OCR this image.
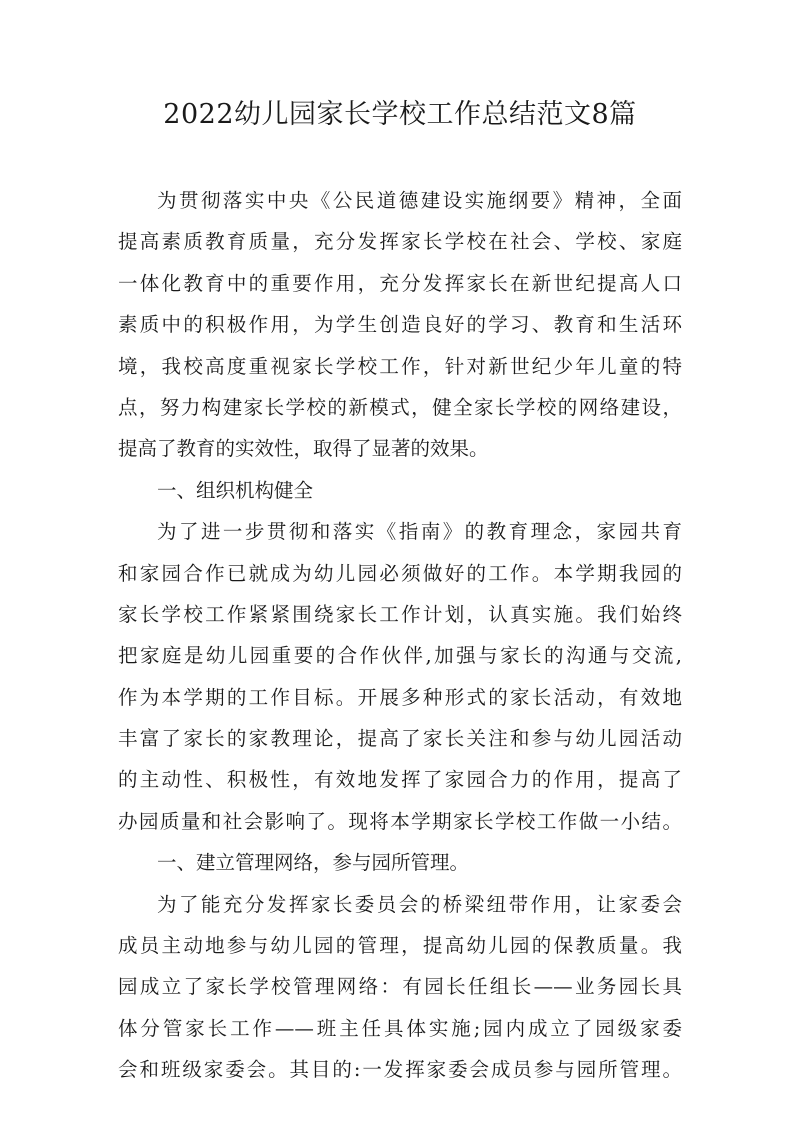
2022幼儿园家长学校工作总结范文8篇
为贯彻落实中央《公民道德建设实施纲要》精神，全面
提高素质教育质量，充分发挥家长学校在社会、学校、家庭
一体化教育中的重要作用，充分发挥家长在新世纪提高人口
素质中的积极作用，为学生创造良好的学习、教育和生活环
境，我校高度重视家长学校工作，针对新世纪少年儿童的特
点，努力构建家长学校的新模式，健全家长学校的网络建设，
提高了教育的实效性，取得了显著的效果。
一、组织机构健全
为了进一步贯彻和落实《指南》的教育理念，家园共育
和家园合作已就成为幼儿园必须做好的工作。本学期我园的
家长学校工作紧紧围绕家长工作计划，认真实施。我们始终
把家庭是幼儿园重要的合作伙伴,加强与家长的沟通与交流,
作为本学期的工作目标。开展多种形式的家长活动，有效地
丰富了家长的家教理论，提高了家长关注和参与幼儿园活动
的主动性、积极性，有效地发挥了家园合力的作用，提高了
办园质量和社会影响了。现将本学期家长学校工作做一小结。
一、建立管理网络，参与园所管理。
为了能充分发挥家长委员会的桥梁纽带作用，让家委会
成员主动地参与幼儿园的管理，提高幼儿园的保教质量。我
园成立了家长学校管理网络：有园长任组长——业务园长具
体分管家长工作——班主任具体实施;园内成立了园级家委
会和班级家委会。其目的:一发挥家委会成员参与园所管理。
